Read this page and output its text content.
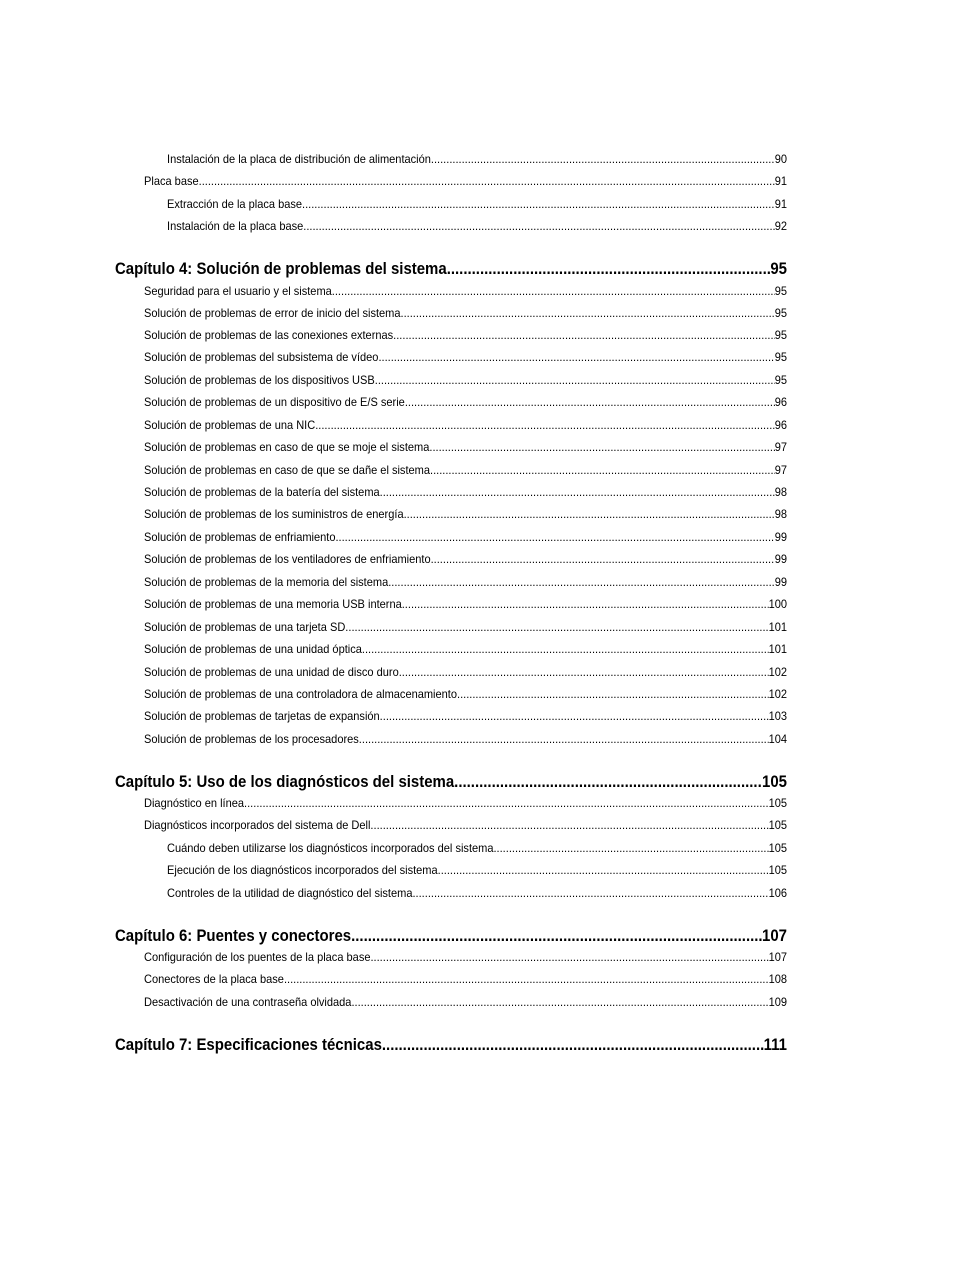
Instalación de la placa de distribución de alimentación .....	90
Placa base .....	91
Extracción de la placa base .....	91
Instalación de la placa base .....	92
Capítulo 4: Solución de problemas del sistema .....	95
Seguridad para el usuario y el sistema .....	95
Solución de problemas de error de inicio del sistema .....	95
Solución de problemas de las conexiones externas .....	95
Solución de problemas del subsistema de vídeo .....	95
Solución de problemas de los dispositivos USB .....	95
Solución de problemas de un dispositivo de E/S serie .....	96
Solución de problemas de una NIC .....	96
Solución de problemas en caso de que se moje el sistema .....	97
Solución de problemas en caso de que se dañe el sistema .....	97
Solución de problemas de la batería del sistema .....	98
Solución de problemas de los suministros de energía .....	98
Solución de problemas de enfriamiento .....	99
Solución de problemas de los ventiladores de enfriamiento .....	99
Solución de problemas de la memoria del sistema .....	99
Solución de problemas de una memoria USB interna .....	100
Solución de problemas de una tarjeta SD .....	101
Solución de problemas de una unidad óptica .....	101
Solución de problemas de una unidad de disco duro .....	102
Solución de problemas de una controladora de almacenamiento .....	102
Solución de problemas de tarjetas de expansión .....	103
Solución de problemas de los procesadores .....	104
Capítulo 5: Uso de los diagnósticos del sistema .....	105
Diagnóstico en línea .....	105
Diagnósticos incorporados del sistema de Dell .....	105
Cuándo deben utilizarse los diagnósticos incorporados del sistema .....	105
Ejecución de los diagnósticos incorporados del sistema .....	105
Controles de la utilidad de diagnóstico del sistema .....	106
Capítulo 6: Puentes y conectores .....	107
Configuración de los puentes de la placa base .....	107
Conectores de la placa base .....	108
Desactivación de una contraseña olvidada .....	109
Capítulo 7: Especificaciones técnicas .....	111
